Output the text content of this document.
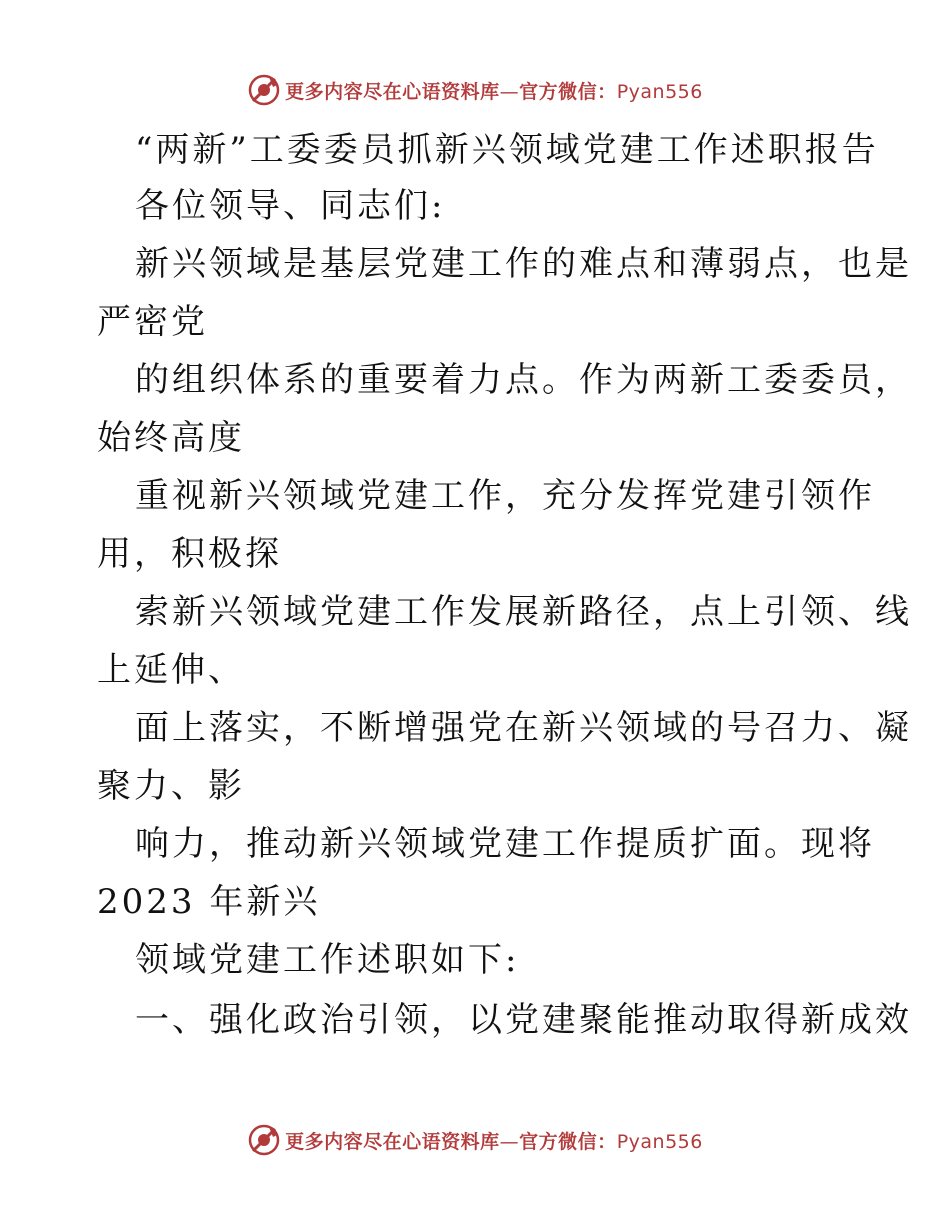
更多内容尽在心语资料库—官方微信：Pyan556
“两新”工委委员抓新兴领域党建工作述职报告
各位领导、同志们:
新兴领域是基层党建工作的难点和薄弱点，也是
严密党
的组织体系的重要着力点。作为两新工委委员，
始终高度
重视新兴领域党建工作，充分发挥党建引领作
用，积极探
索新兴领域党建工作发展新路径，点上引领、线
上延伸、
面上落实，不断增强党在新兴领域的号召力、凝
聚力、影
响力，推动新兴领域党建工作提质扩面。现将
2023 年新兴
领域党建工作述职如下:
一、强化政治引领，以党建聚能推动取得新成效
更多内容尽在心语资料库—官方微信：Pyan556
